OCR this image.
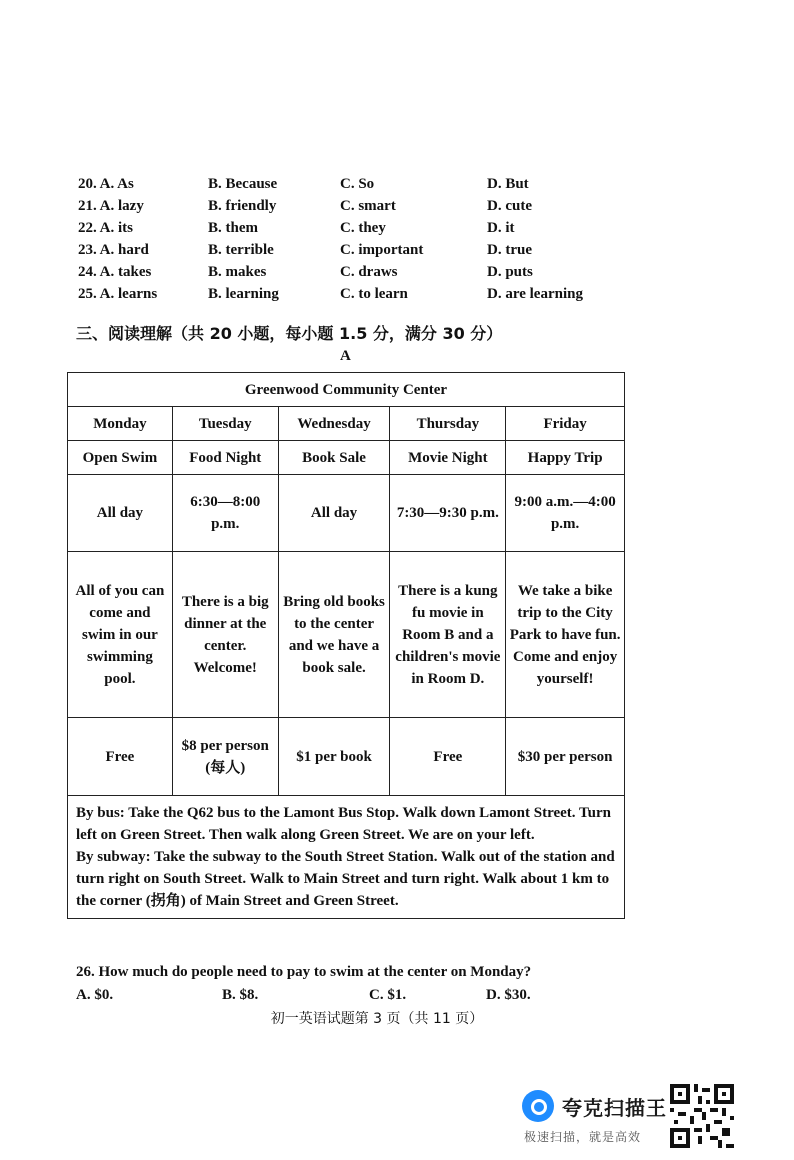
20. A. As	B. Because	C. So	D. But
21. A. lazy	B. friendly	C. smart	D. cute
22. A. its	B. them	C. they	D. it
23. A. hard	B. terrible	C. important	D. true
24. A. takes	B. makes	C. draws	D. puts
25. A. learns	B. learning	C. to learn	D. are learning
三、阅读理解（共 20 小题，每小题 1.5 分，满分 30 分）
A
Greenwood Community Center				
Monday	Tuesday	Wednesday	Thursday	Friday
Open Swim	Food Night	Book Sale	Movie Night	Happy Trip
All day	6:30—8:00 p.m.	All day	7:30—9:30 p.m.	9:00 a.m.—4:00 p.m.
All of you can come and swim in our swimming pool.	There is a big dinner at the center. Welcome!	Bring old books to the center and we have a book sale.	There is a kung fu movie in Room B and a children's movie in Room D.	We take a bike trip to the City Park to have fun. Come and enjoy yourself!
Free	$8 per person (每人)	$1 per book	Free	$30 per person

By bus: Take the Q62 bus to the Lamont Bus Stop. Walk down Lamont Street. Turn left on Green Street. Then walk along Green Street. We are on your left.
By subway: Take the subway to the South Street Station. Walk out of the station and turn right on South Street. Walk to Main Street and turn right. Walk about 1 km to the corner (拐角) of Main Street and Green Street.				
26. How much do people need to pay to swim at the center on Monday?
A. $0.	B. $8.	C. $1.	D. $30.
初一英语试题第 3 页（共 11 页）
夸克扫描王
极速扫描，就是高效
